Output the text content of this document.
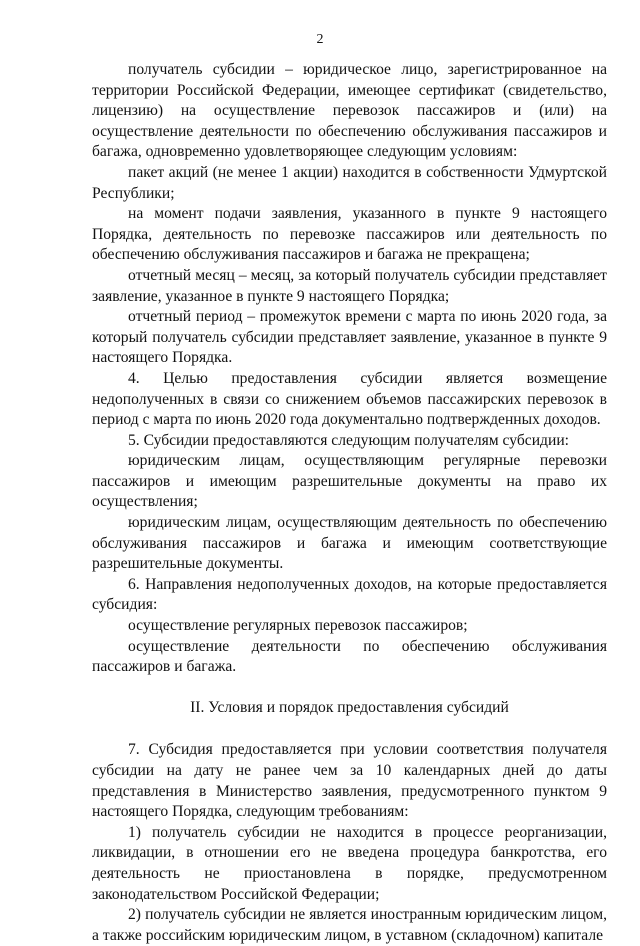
2

получатель субсидии – юридическое лицо, зарегистрированное на территории Российской Федерации, имеющее сертификат (свидетельство, лицензию) на осуществление перевозок пассажиров и (или) на осуществление деятельности по обеспечению обслуживания пассажиров и багажа, одновременно удовлетворяющее следующим условиям:

пакет акций (не менее 1 акции) находится в собственности Удмуртской Республики;

на момент подачи заявления, указанного в пункте 9 настоящего Порядка, деятельность по перевозке пассажиров или деятельность по обеспечению обслуживания пассажиров и багажа не прекращена;

отчетный месяц – месяц, за который получатель субсидии представляет заявление, указанное в пункте 9 настоящего Порядка;

отчетный период – промежуток времени с марта по июнь 2020 года, за который получатель субсидии представляет заявление, указанное в пункте 9 настоящего Порядка.

4. Целью предоставления субсидии является возмещение недополученных в связи со снижением объемов пассажирских перевозок в период с марта по июнь 2020 года документально подтвержденных доходов.

5. Субсидии предоставляются следующим получателям субсидии:

юридическим лицам, осуществляющим регулярные перевозки пассажиров и имеющим разрешительные документы на право их осуществления;

юридическим лицам, осуществляющим деятельность по обеспечению обслуживания пассажиров и багажа и имеющим соответствующие разрешительные документы.

6. Направления недополученных доходов, на которые предоставляется субсидия:

осуществление регулярных перевозок пассажиров;

осуществление деятельности по обеспечению обслуживания пассажиров и багажа.

II. Условия и порядок предоставления субсидий

7. Субсидия предоставляется при условии соответствия получателя субсидии на дату не ранее чем за 10 календарных дней до даты представления в Министерство заявления, предусмотренного пунктом 9 настоящего Порядка, следующим требованиям:

1) получатель субсидии не находится в процессе реорганизации, ликвидации, в отношении его не введена процедура банкротства, его деятельность не приостановлена в порядке, предусмотренном законодательством Российской Федерации;

2) получатель субсидии не является иностранным юридическим лицом, а также российским юридическим лицом, в уставном (складочном) капитале
